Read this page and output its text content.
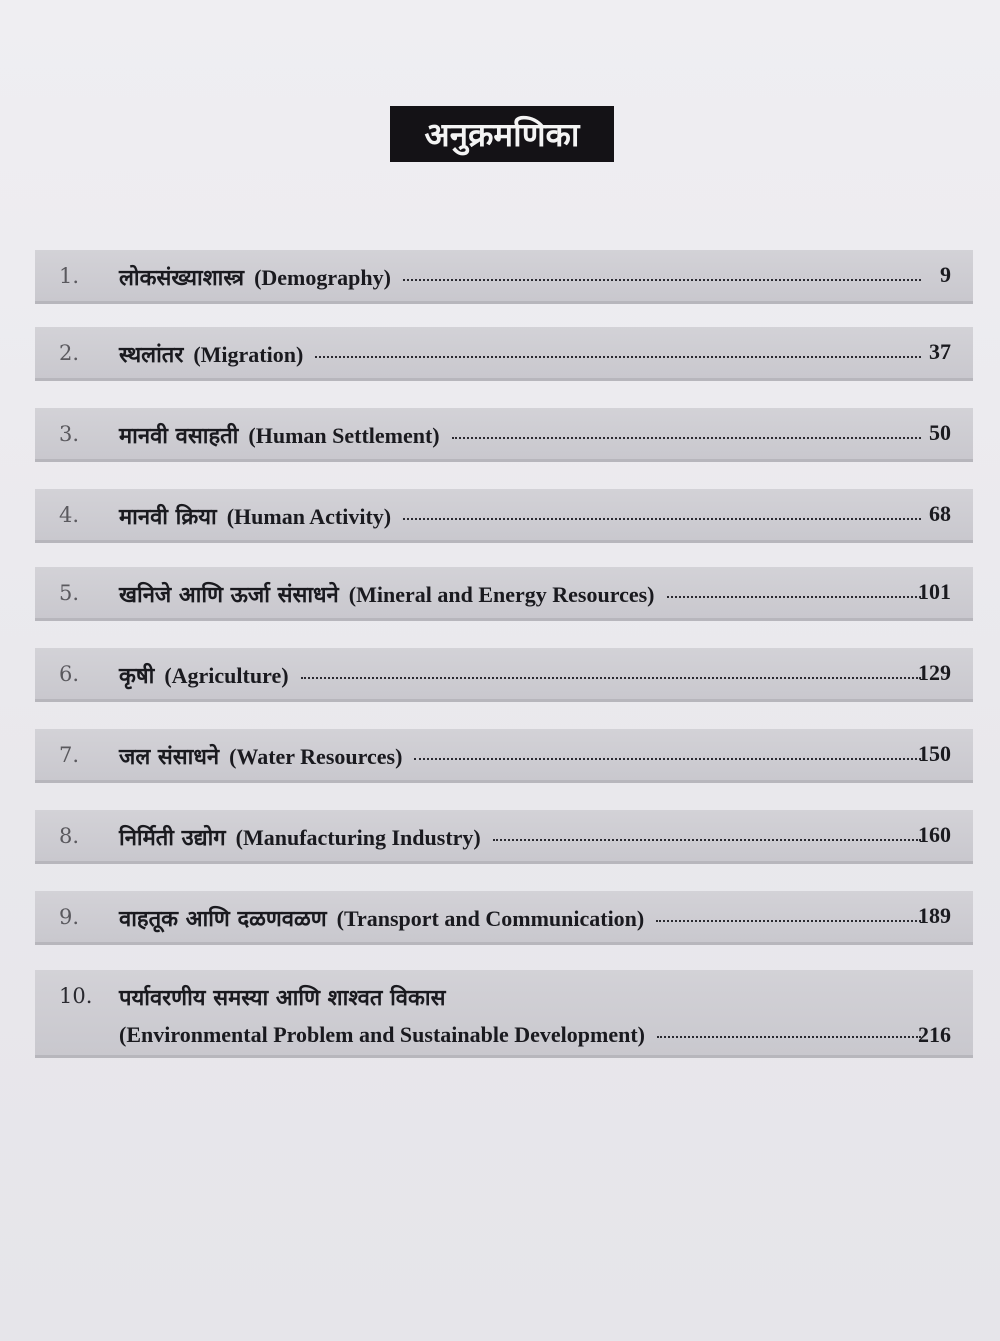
अनुक्रमणिका
1.	लोकसंख्याशास्त्र (Demography)	9
2.	स्थलांतर (Migration)	37
3.	मानवी वसाहती (Human Settlement)	50
4.	मानवी क्रिया (Human Activity)	68
5.	खनिजे आणि ऊर्जा संसाधने (Mineral and Energy Resources)	101
6.	कृषी (Agriculture)	129
7.	जल संसाधने (Water Resources)	150
8.	निर्मिती उद्योग (Manufacturing Industry)	160
9.	वाहतूक आणि दळणवळण (Transport and Communication)	189
10.	पर्यावरणीय समस्या आणि शाश्वत विकास
(Environmental Problem and Sustainable Development)	216
